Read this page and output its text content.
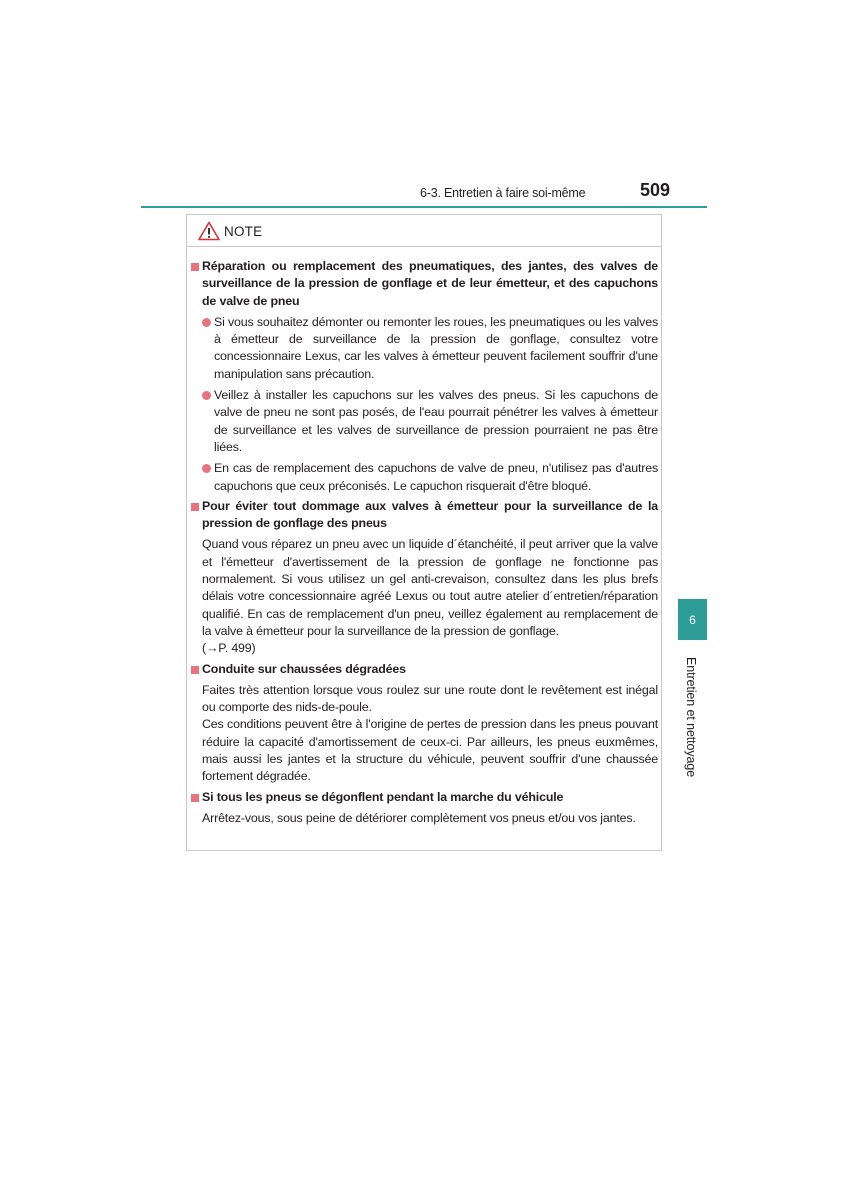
6-3. Entretien à faire soi-même	509
NOTE
Réparation ou remplacement des pneumatiques, des jantes, des valves de surveillance de la pression de gonflage et de leur émetteur, et des capuchons de valve de pneu
Si vous souhaitez démonter ou remonter les roues, les pneumatiques ou les valves à émetteur de surveillance de la pression de gonflage, consultez votre concessionnaire Lexus, car les valves à émetteur peuvent facilement souffrir d'une manipulation sans précaution.
Veillez à installer les capuchons sur les valves des pneus. Si les capuchons de valve de pneu ne sont pas posés, de l'eau pourrait pénétrer les valves à émetteur de surveillance et les valves de surveillance de pression pourraient ne pas être liées.
En cas de remplacement des capuchons de valve de pneu, n'utilisez pas d'autres capuchons que ceux préconisés. Le capuchon risquerait d'être bloqué.
Pour éviter tout dommage aux valves à émetteur pour la surveillance de la pression de gonflage des pneus
Quand vous réparez un pneu avec un liquide d´étanchéité, il peut arriver que la valve et l'émetteur d'avertissement de la pression de gonflage ne fonctionne pas normalement. Si vous utilisez un gel anti-crevaison, consultez dans les plus brefs délais votre concessionnaire agréé Lexus ou tout autre atelier d´entretien/réparation qualifié. En cas de remplacement d'un pneu, veillez également au remplacement de la valve à émetteur pour la surveillance de la pression de gonflage.
(→P. 499)
Conduite sur chaussées dégradées
Faites très attention lorsque vous roulez sur une route dont le revêtement est inégal ou comporte des nids-de-poule.
Ces conditions peuvent être à l'origine de pertes de pression dans les pneus pouvant réduire la capacité d'amortissement de ceux-ci. Par ailleurs, les pneus euxmêmes, mais aussi les jantes et la structure du véhicule, peuvent souffrir d'une chaussée fortement dégradée.
Si tous les pneus se dégonflent pendant la marche du véhicule
Arrêtez-vous, sous peine de détériorer complètement vos pneus et/ou vos jantes.
6
Entretien et nettoyage
